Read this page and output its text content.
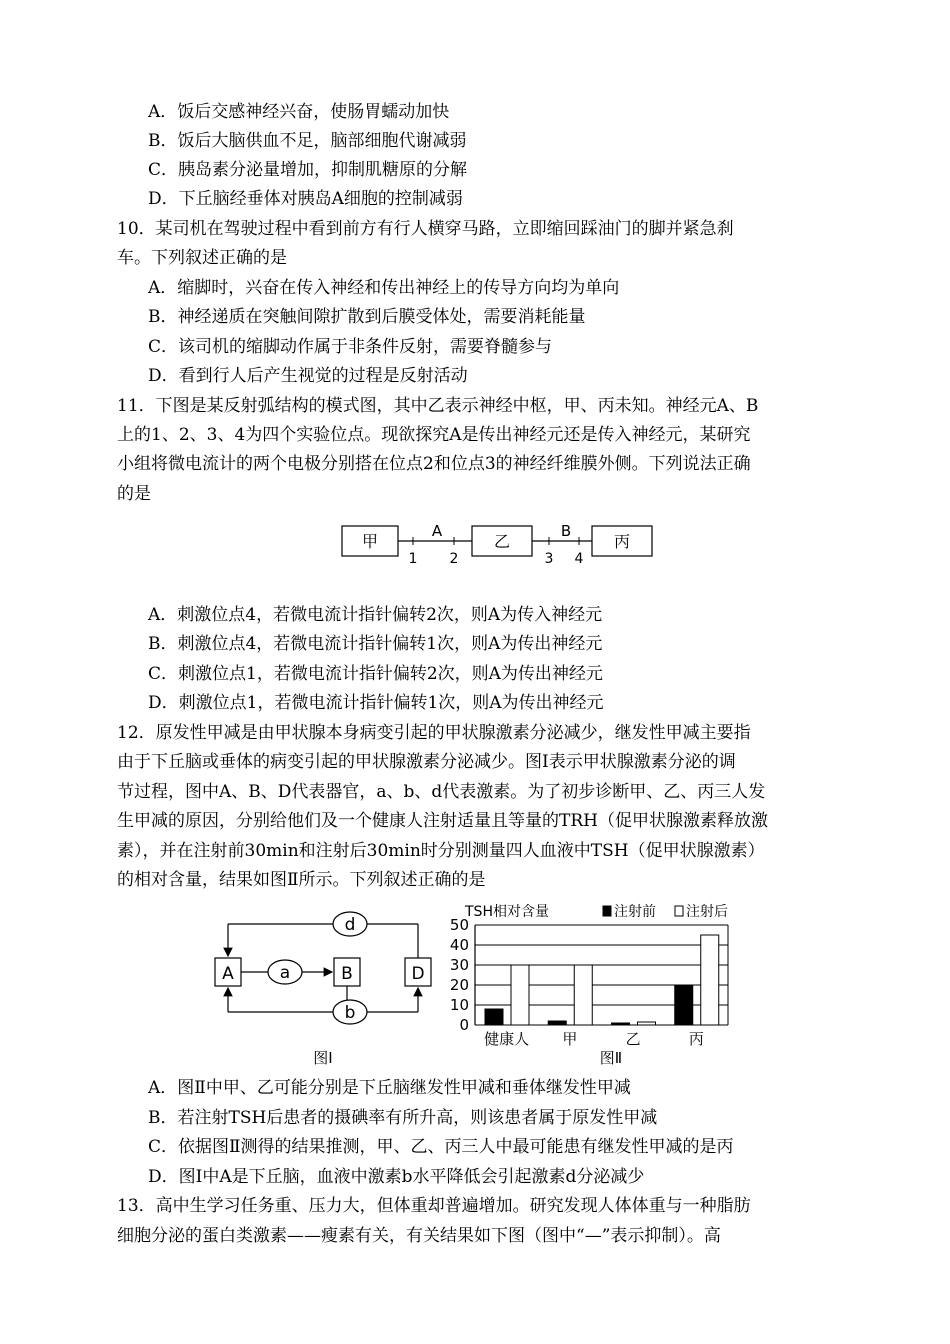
A．饭后交感神经兴奋，使肠胃蠕动加快
B．饭后大脑供血不足，脑部细胞代谢减弱
C．胰岛素分泌量增加，抑制肌糖原的分解
D．下丘脑经垂体对胰岛A细胞的控制减弱
10．某司机在驾驶过程中看到前方有行人横穿马路，立即缩回踩油门的脚并紧急刹
车。下列叙述正确的是
A．缩脚时，兴奋在传入神经和传出神经上的传导方向均为单向
B．神经递质在突触间隙扩散到后膜受体处，需要消耗能量
C．该司机的缩脚动作属于非条件反射，需要脊髓参与
D．看到行人后产生视觉的过程是反射活动
11．下图是某反射弧结构的模式图，其中乙表示神经中枢，甲、丙未知。神经元A、B
上的1、2、3、4为四个实验位点。现欲探究A是传出神经元还是传入神经元，某研究
小组将微电流计的两个电极分别搭在位点2和位点3的神经纤维膜外侧。下列说法正确
的是
甲
A
1 2
乙
B
3 4
丙
A．刺激位点4，若微电流计指针偏转2次，则A为传入神经元
B．刺激位点4，若微电流计指针偏转1次，则A为传出神经元
C．刺激位点1，若微电流计指针偏转2次，则A为传出神经元
D．刺激位点1，若微电流计指针偏转1次，则A为传出神经元
12．原发性甲减是由甲状腺本身病变引起的甲状腺激素分泌减少，继发性甲减主要指
由于下丘脑或垂体的病变引起的甲状腺激素分泌减少。图Ⅰ表示甲状腺激素分泌的调
节过程，图中A、B、D代表器官，a、b、d代表激素。为了初步诊断甲、乙、丙三人发
生甲减的原因，分别给他们及一个健康人注射适量且等量的TRH（促甲状腺激素释放激
素），并在注射前30min和注射后30min时分别测量四人血液中TSH（促甲状腺激素）
的相对含量，结果如图Ⅱ所示。下列叙述正确的是
d
A	a	B	D
b
图Ⅰ
TSH相对含量	注射前 注射后
0
10
20
30
40
50
健康人 甲	乙	丙
图Ⅱ
A．图Ⅱ中甲、乙可能分别是下丘脑继发性甲减和垂体继发性甲减
B．若注射TSH后患者的摄碘率有所升高，则该患者属于原发性甲减
C．依据图Ⅱ测得的结果推测，甲、乙、丙三人中最可能患有继发性甲减的是丙
D．图Ⅰ中A是下丘脑，血液中激素b水平降低会引起激素d分泌减少
13．高中生学习任务重、压力大，但体重却普遍增加。研究发现人体体重与一种脂肪
细胞分泌的蛋白类激素——瘦素有关，有关结果如下图（图中“—”表示抑制）。高
